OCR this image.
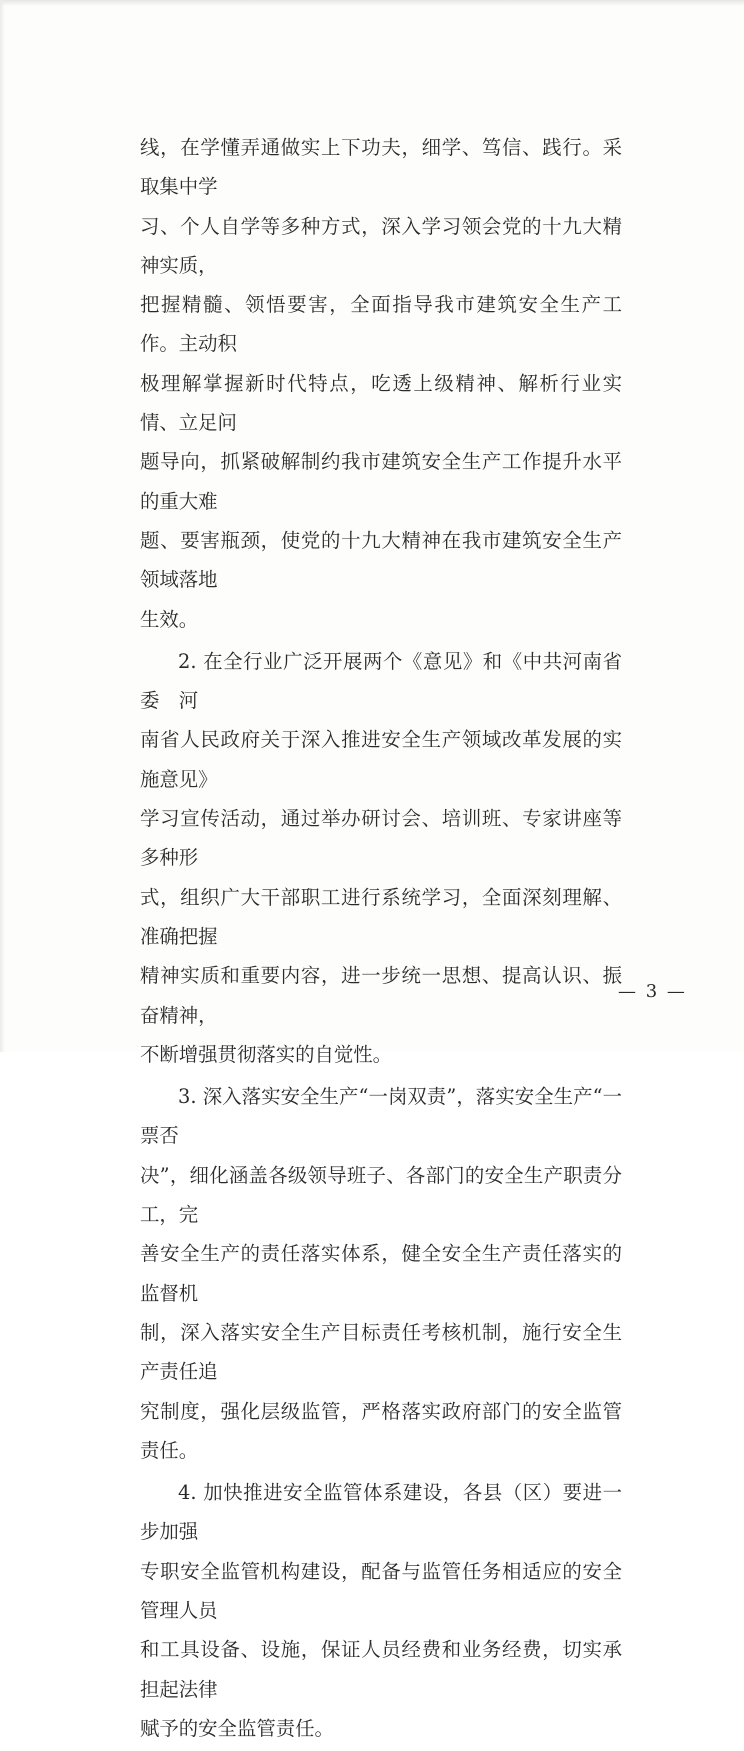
线，在学懂弄通做实上下功夫，细学、笃信、践行。采取集中学
习、个人自学等多种方式，深入学习领会党的十九大精神实质，
把握精髓、领悟要害，全面指导我市建筑安全生产工作。主动积
极理解掌握新时代特点，吃透上级精神、解析行业实情、立足问
题导向，抓紧破解制约我市建筑安全生产工作提升水平的重大难
题、要害瓶颈，使党的十九大精神在我市建筑安全生产领域落地
生效。

2. 在全行业广泛开展两个《意见》和《中共河南省委　河
南省人民政府关于深入推进安全生产领域改革发展的实施意见》
学习宣传活动，通过举办研讨会、培训班、专家讲座等多种形
式，组织广大干部职工进行系统学习，全面深刻理解、准确把握
精神实质和重要内容，进一步统一思想、提高认识、振奋精神，
不断增强贯彻落实的自觉性。

3. 深入落实安全生产“一岗双责”，落实安全生产“一票否
决”，细化涵盖各级领导班子、各部门的安全生产职责分工，完
善安全生产的责任落实体系，健全安全生产责任落实的监督机
制，深入落实安全生产目标责任考核机制，施行安全生产责任追
究制度，强化层级监管，严格落实政府部门的安全监管责任。

4. 加快推进安全监管体系建设，各县（区）要进一步加强
专职安全监管机构建设，配备与监管任务相适应的安全管理人员
和工具设备、设施，保证人员经费和业务经费，切实承担起法律
赋予的安全监管责任。

— 3 —
